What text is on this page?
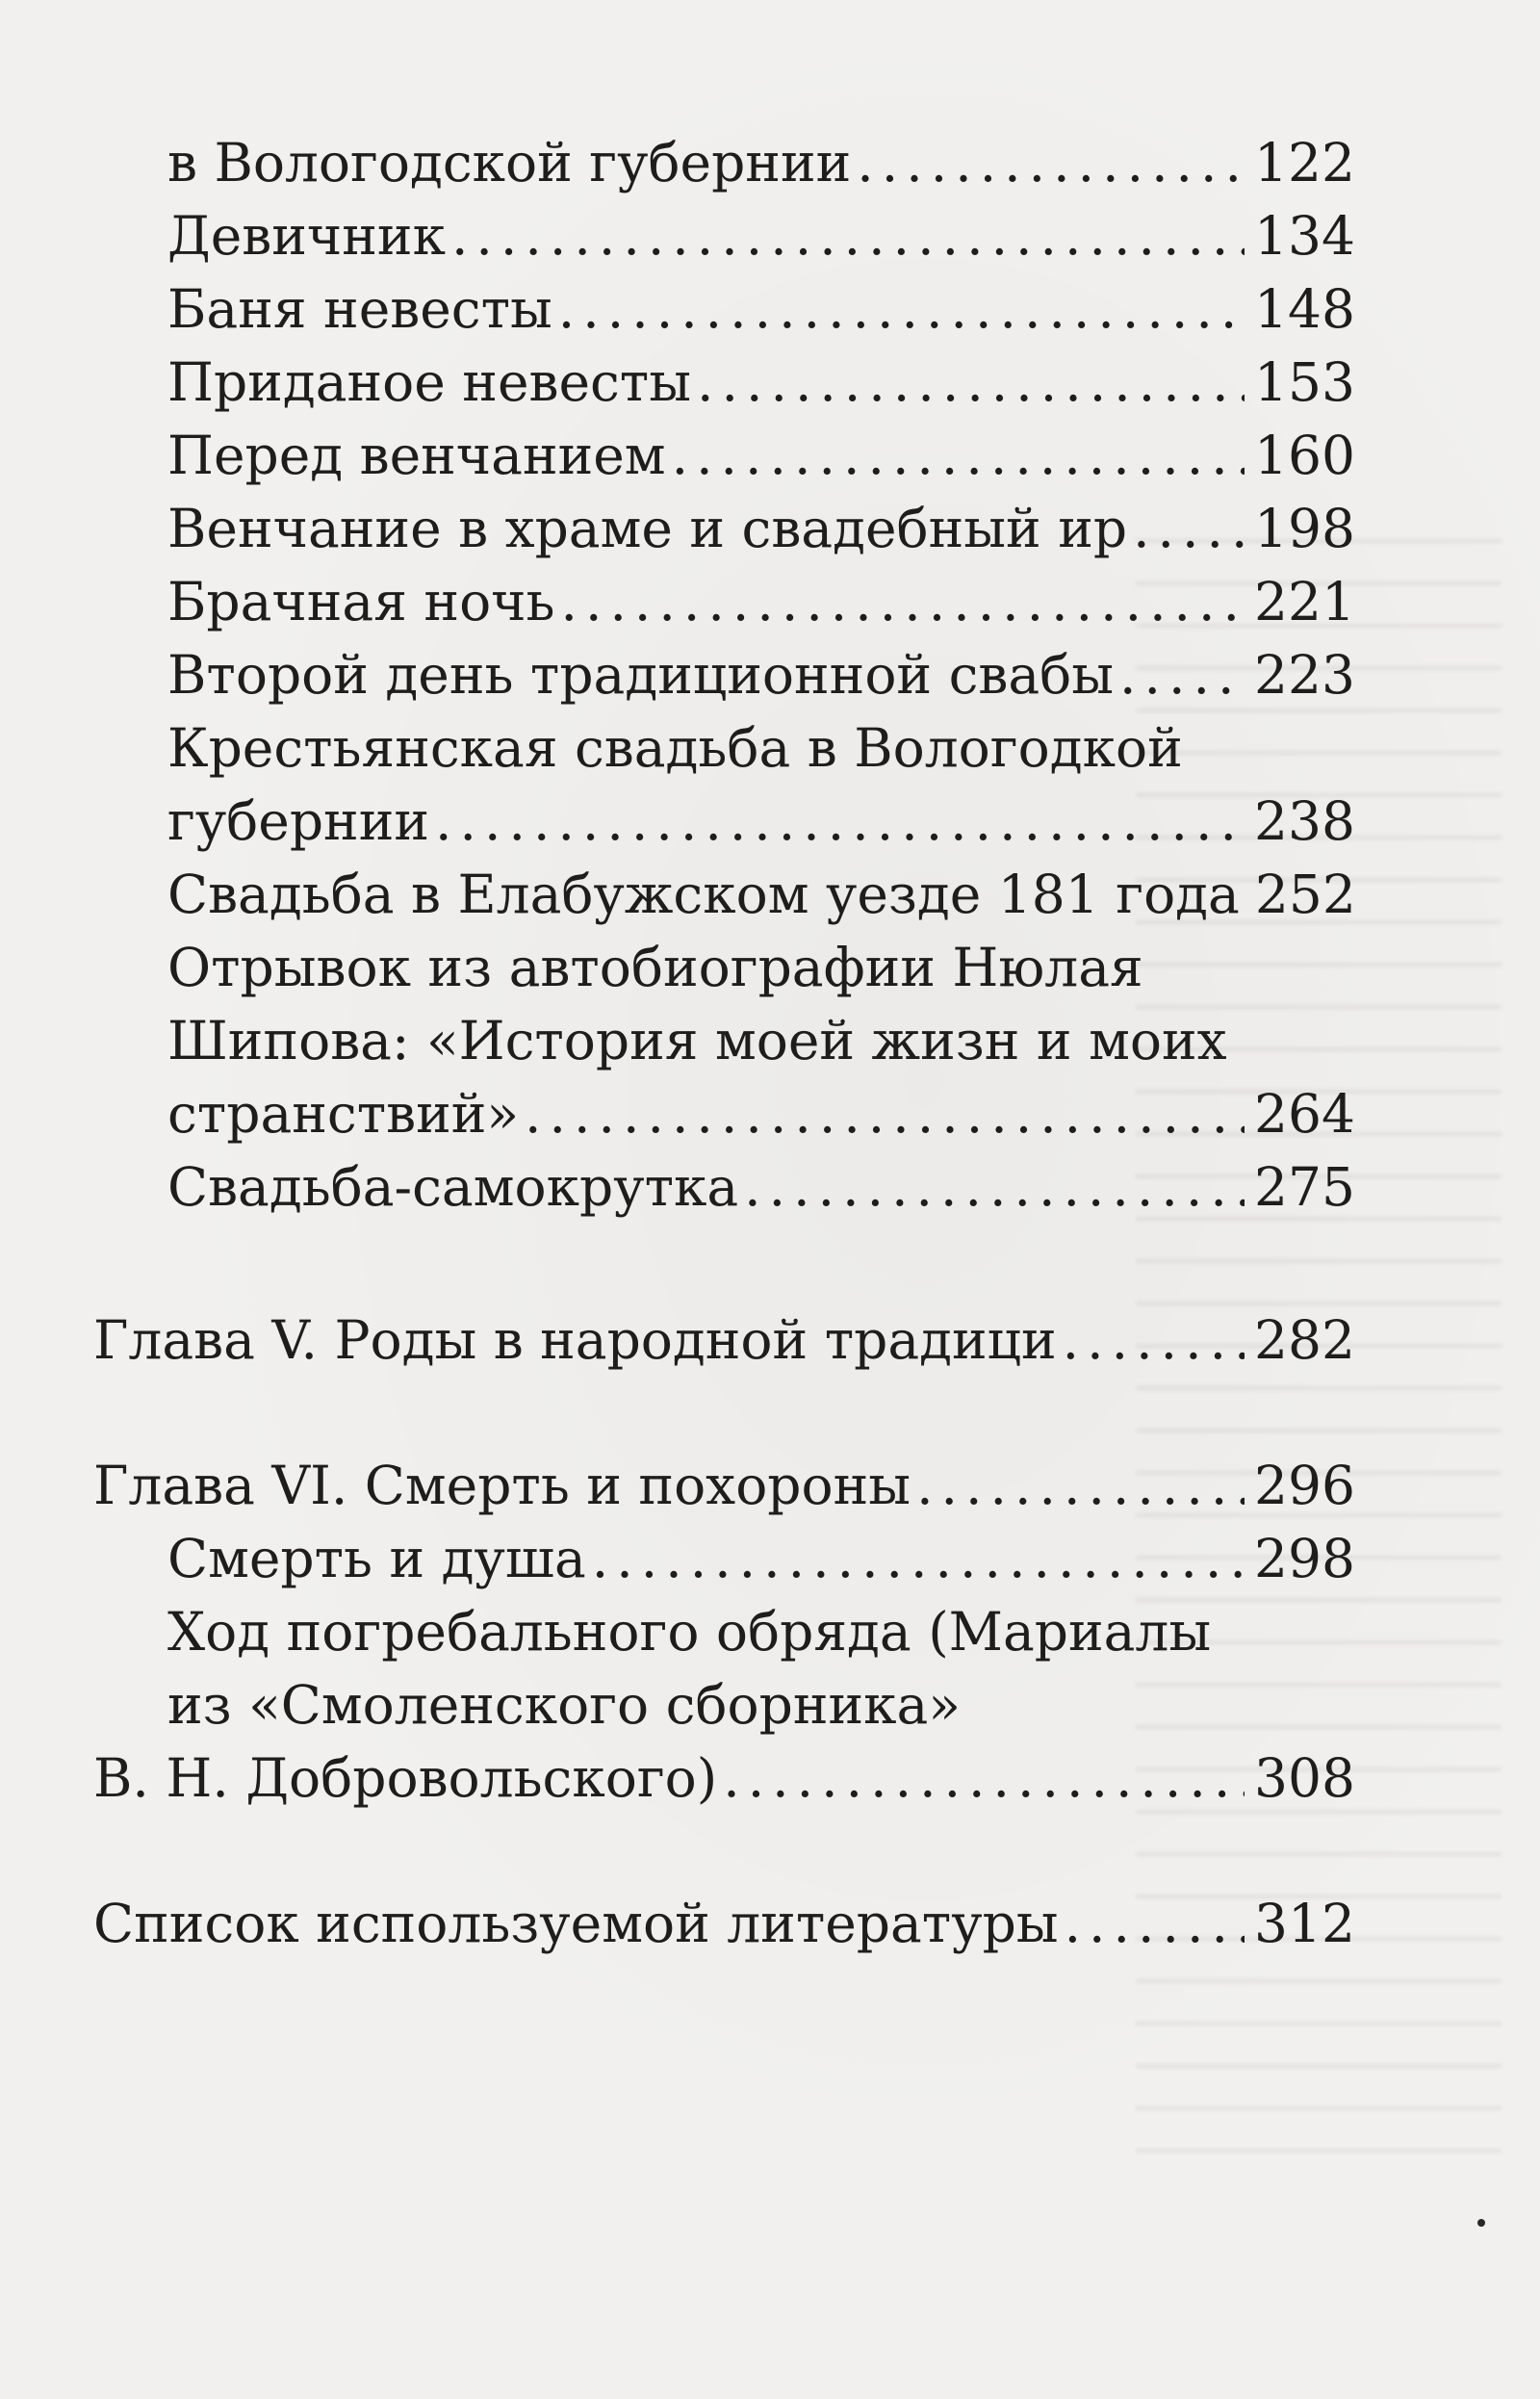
в Вологодской губернии .....	122
Девичник .....	134
Баня невесты .....	148
Приданое невесты .....	153
Перед венчанием .....	160
Венчание в храме и свадебный ир ..... 198
Брачная ночь .....	221
Второй день традиционной свабы .....	223
Крестьянская свадьба в Вологодкой
губернии .....	238
Свадьба в Елабужском уезде 181 года 252
Отрывок из автобиографии Нюлая
Шипова: «История моей жизн и моих
странствий» .....	264
Свадьба-самокрутка .....	275
Глава V. Роды в народной традици .....	282
Глава VI. Смерть и похороны .....	296
Смерть и душа .....	298
Ход погребального обряда (Мариалы
из «Смоленского сборника»
В. Н. Добровольского) .....	308
Список используемой литературы .....	312
